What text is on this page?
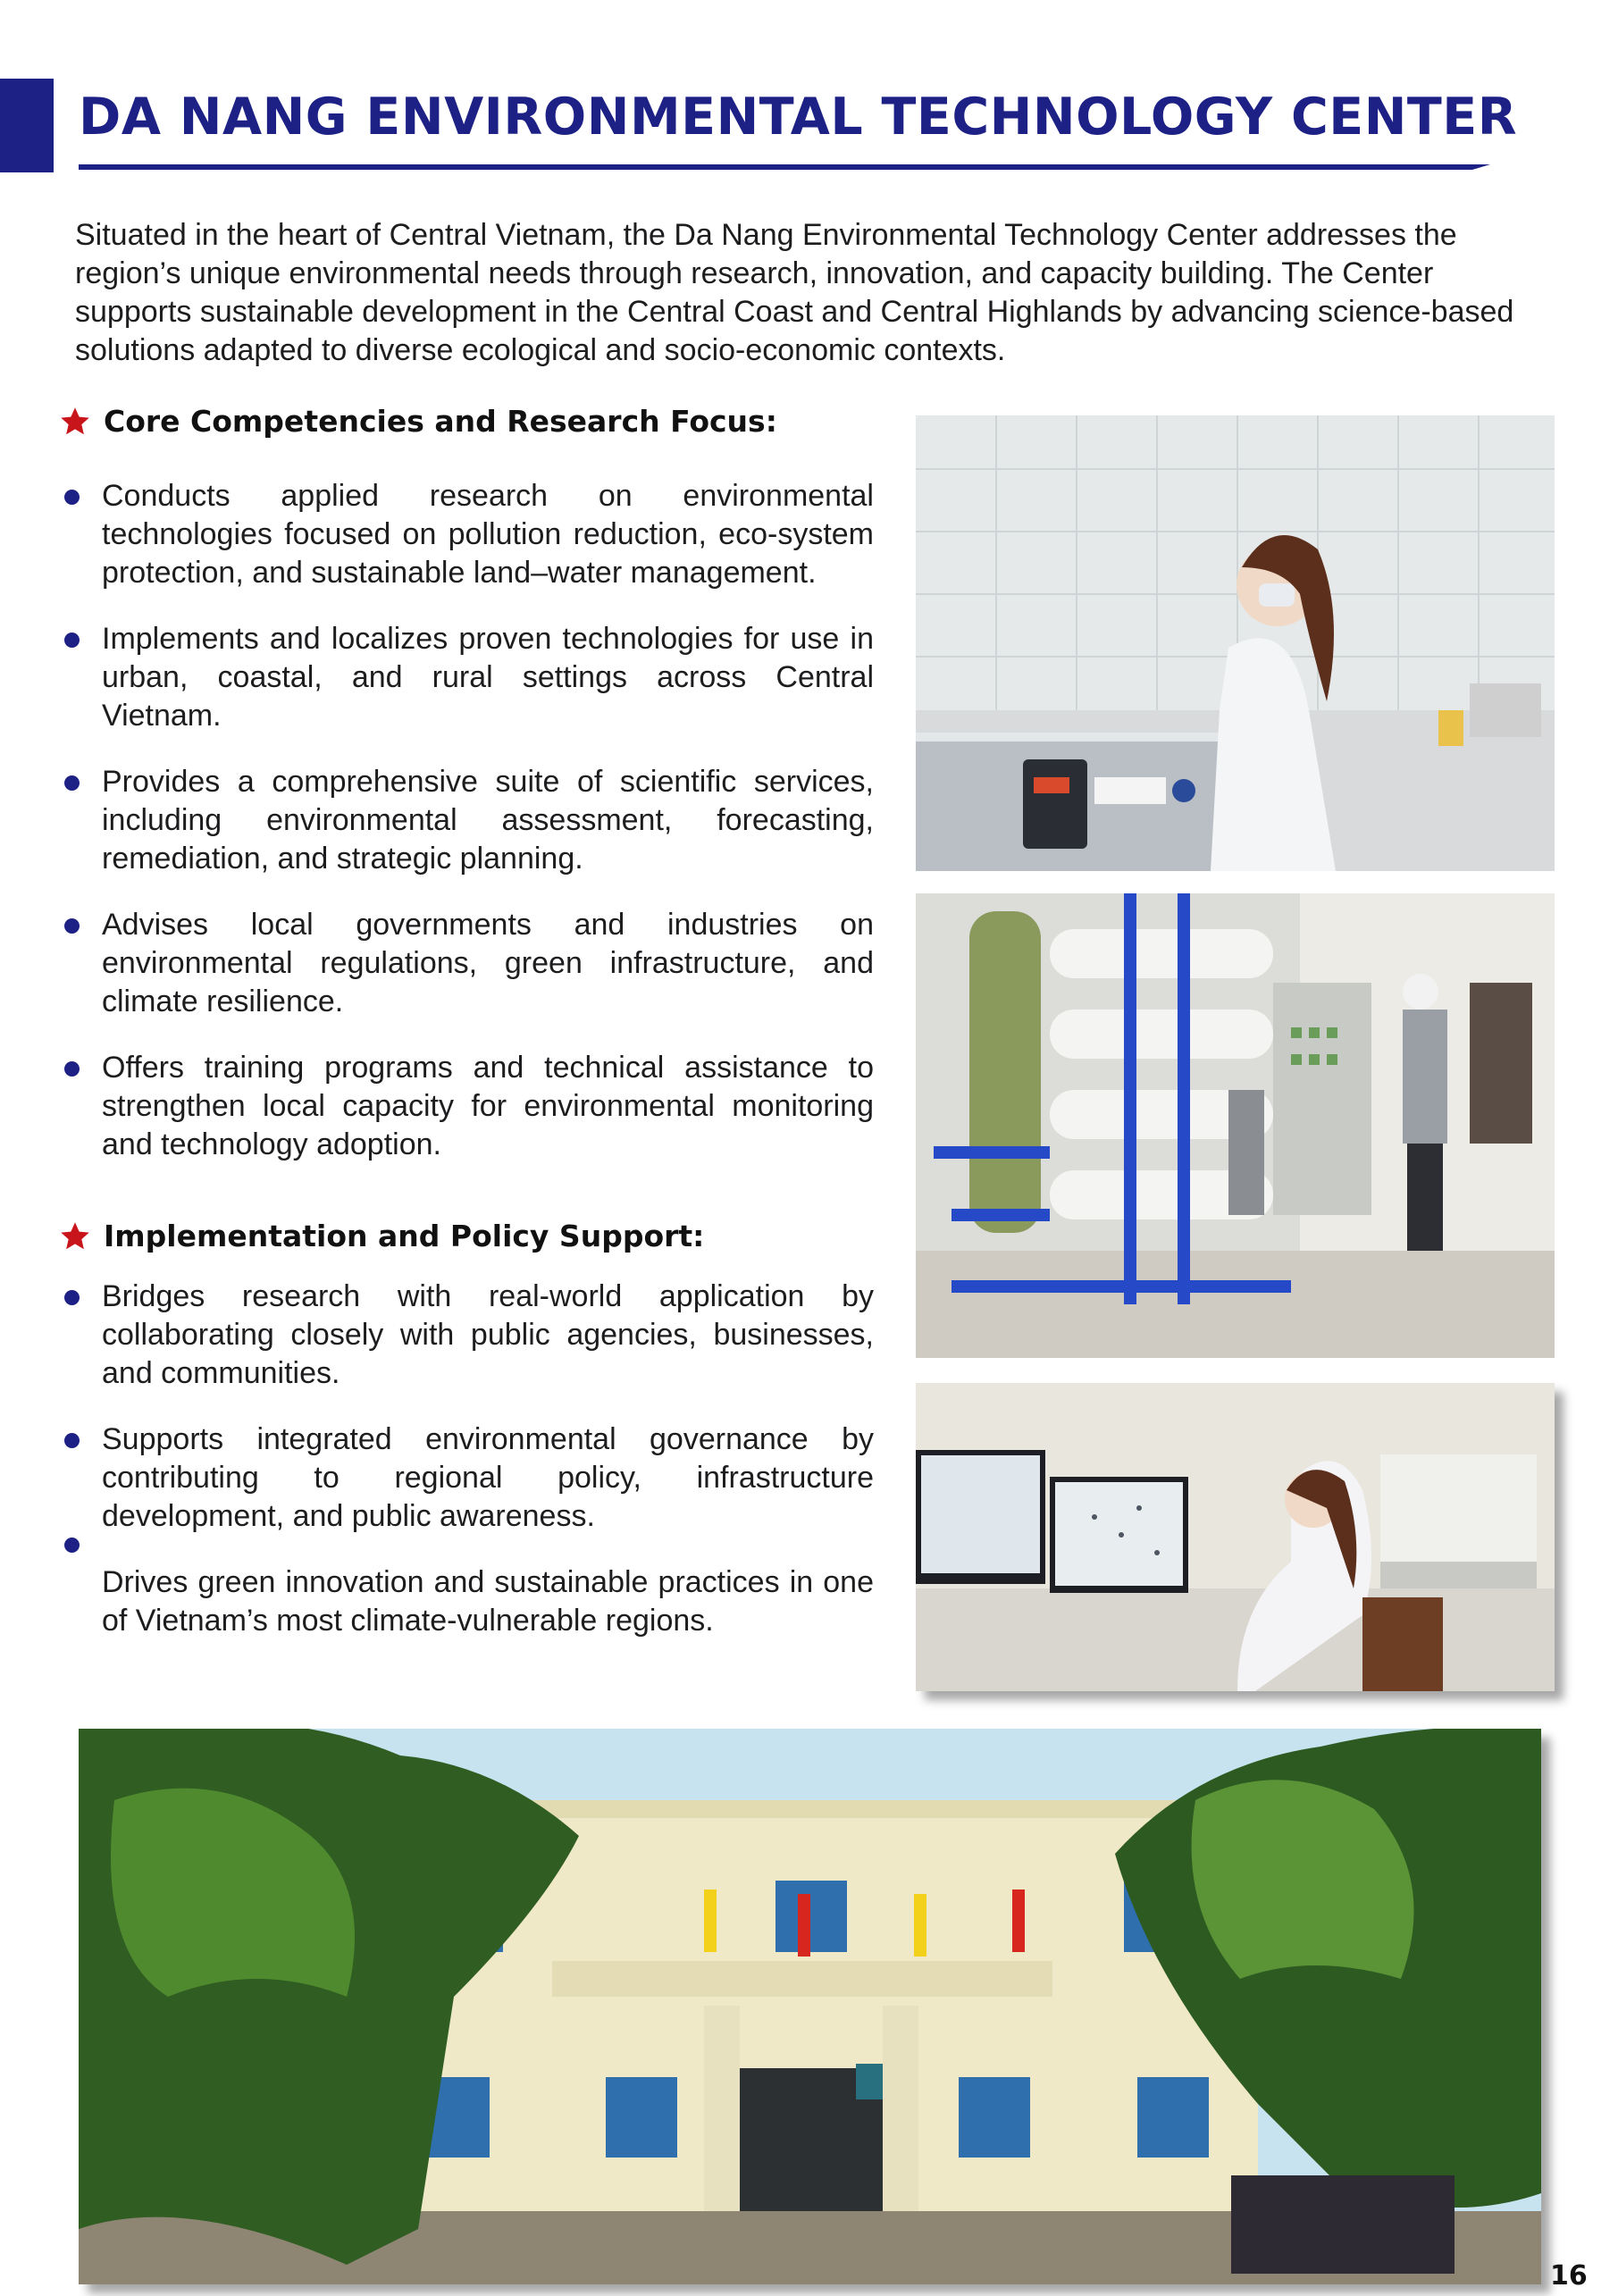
DA NANG ENVIRONMENTAL TECHNOLOGY CENTER

Situated in the heart of Central Vietnam, the Da Nang Environmental Technology Center addresses the region’s unique environmental needs through research, innovation, and capacity building. The Center supports sustainable development in the Central Coast and Central Highlands by advancing science-based solutions adapted to diverse ecological and socio-economic contexts.

Core Competencies and Research Focus:
Conducts applied research on environmental technologies focused on pollution reduction, eco-system protection, and sustainable land–water management.
Implements and localizes proven technologies for use in urban, coastal, and rural settings across Central Vietnam.
Provides a comprehensive suite of scientific services, including environmental assessment, forecasting, remediation, and strategic planning.
Advises local governments and industries on environmental regulations, green infrastructure, and climate resilience.
Offers training programs and technical assistance to strengthen local capacity for environmental monitoring and technology adoption.
Implementation and Policy Support:
Bridges research with real-world application by collaborating closely with public agencies, businesses, and communities.
Supports integrated environmental governance by contributing to regional policy, infrastructure development, and public awareness.
Drives green innovation and sustainable practices in one of Vietnam’s most climate-vulnerable regions.
16
